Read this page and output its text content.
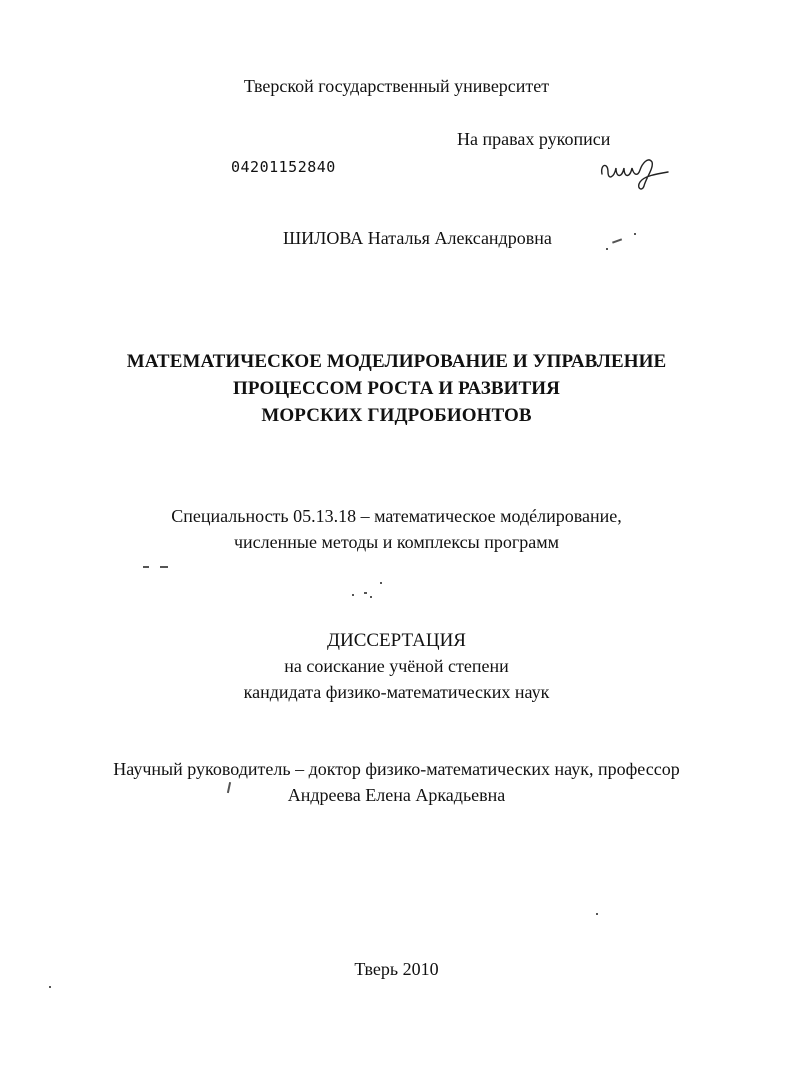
Тверской государственный университет
На правах рукописи
04201152840
ШИЛОВА Наталья Александровна
МАТЕМАТИЧЕСКОЕ МОДЕЛИРОВАНИЕ И УПРАВЛЕНИЕ
ПРОЦЕССОМ РОСТА И РАЗВИТИЯ
МОРСКИХ ГИДРОБИОНТОВ
Специальность 05.13.18 – математическое модéлирование,
численные методы и комплексы программ
ДИССЕРТАЦИЯ
на соискание учёной степени
кандидата физико-математических наук
Научный руководитель – доктор физико-математических наук, профессор
Андреева Елена Аркадьевна
Тверь 2010
